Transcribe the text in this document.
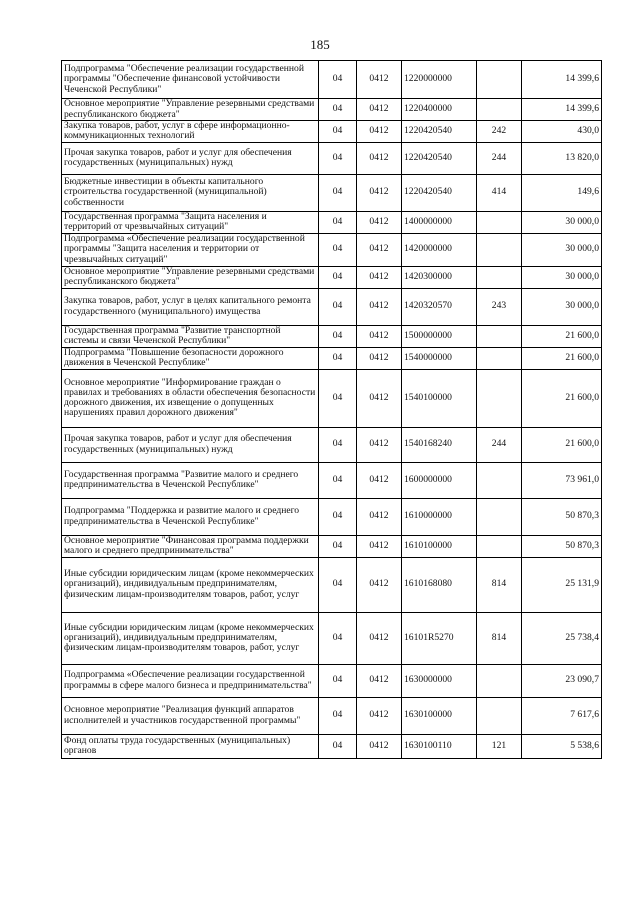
185
Подпрограмма "Обеспечение реализации государственной программы "Обеспечение финансовой устойчивости Чеченской Республики"	04	0412	1220000000		14 399,6
Основное мероприятие "Управление резервными средствами республиканского бюджета"	04	0412	1220400000		14 399,6
Закупка товаров, работ, услуг в сфере информационно-коммуникационных технологий	04	0412	1220420540	242	430,0
Прочая закупка товаров, работ и услуг для обеспечения государственных (муниципальных) нужд	04	0412	1220420540	244	13 820,0
Бюджетные инвестиции в объекты капитального строительства государственной (муниципальной) собственности	04	0412	1220420540	414	149,6
Государственная программа "Защита населения и территорий от чрезвычайных ситуаций"	04	0412	1400000000		30 000,0
Подпрограмма «Обеспечение реализации государственной программы "Защита населения и территории от чрезвычайных ситуаций"	04	0412	1420000000		30 000,0
Основное мероприятие "Управление резервными средствами республиканского бюджета"	04	0412	1420300000		30 000,0
Закупка товаров, работ, услуг в целях капитального ремонта государственного (муниципального) имущества	04	0412	1420320570	243	30 000,0
Государственная программа "Развитие транспортной системы и связи Чеченской Республики"	04	0412	1500000000		21 600,0
Подпрограмма "Повышение безопасности дорожного движения в Чеченской Республике"	04	0412	1540000000		21 600,0
Основное мероприятие "Информирование граждан о правилах и требованиях в области обеспечения безопасности дорожного движения, их извещение о допущенных нарушениях правил дорожного движения"	04	0412	1540100000		21 600,0
Прочая закупка товаров, работ и услуг для обеспечения государственных (муниципальных) нужд	04	0412	1540168240	244	21 600,0
Государственная программа "Развитие малого и среднего предпринимательства в Чеченской Республике"	04	0412	1600000000		73 961,0
Подпрограмма "Поддержка и развитие малого и среднего предпринимательства в Чеченской Республике"	04	0412	1610000000		50 870,3
Основное мероприятие "Финансовая программа поддержки малого и среднего предпринимательства"	04	0412	1610100000		50 870,3
Иные субсидии юридическим лицам (кроме некоммерческих организаций), индивидуальным предпринимателям, физическим лицам-производителям товаров, работ, услуг	04	0412	1610168080	814	25 131,9
Иные субсидии юридическим лицам (кроме некоммерческих организаций), индивидуальным предпринимателям, физическим лицам-производителям товаров, работ, услуг	04	0412	16101R5270	814	25 738,4
Подпрограмма «Обеспечение реализации государственной программы в сфере малого бизнеса и предпринимательства"	04	0412	1630000000		23 090,7
Основное мероприятие "Реализация функций аппаратов исполнителей и участников государственной программы"	04	0412	1630100000		7 617,6
Фонд оплаты труда государственных (муниципальных) органов	04	0412	1630100110	121	5 538,6
